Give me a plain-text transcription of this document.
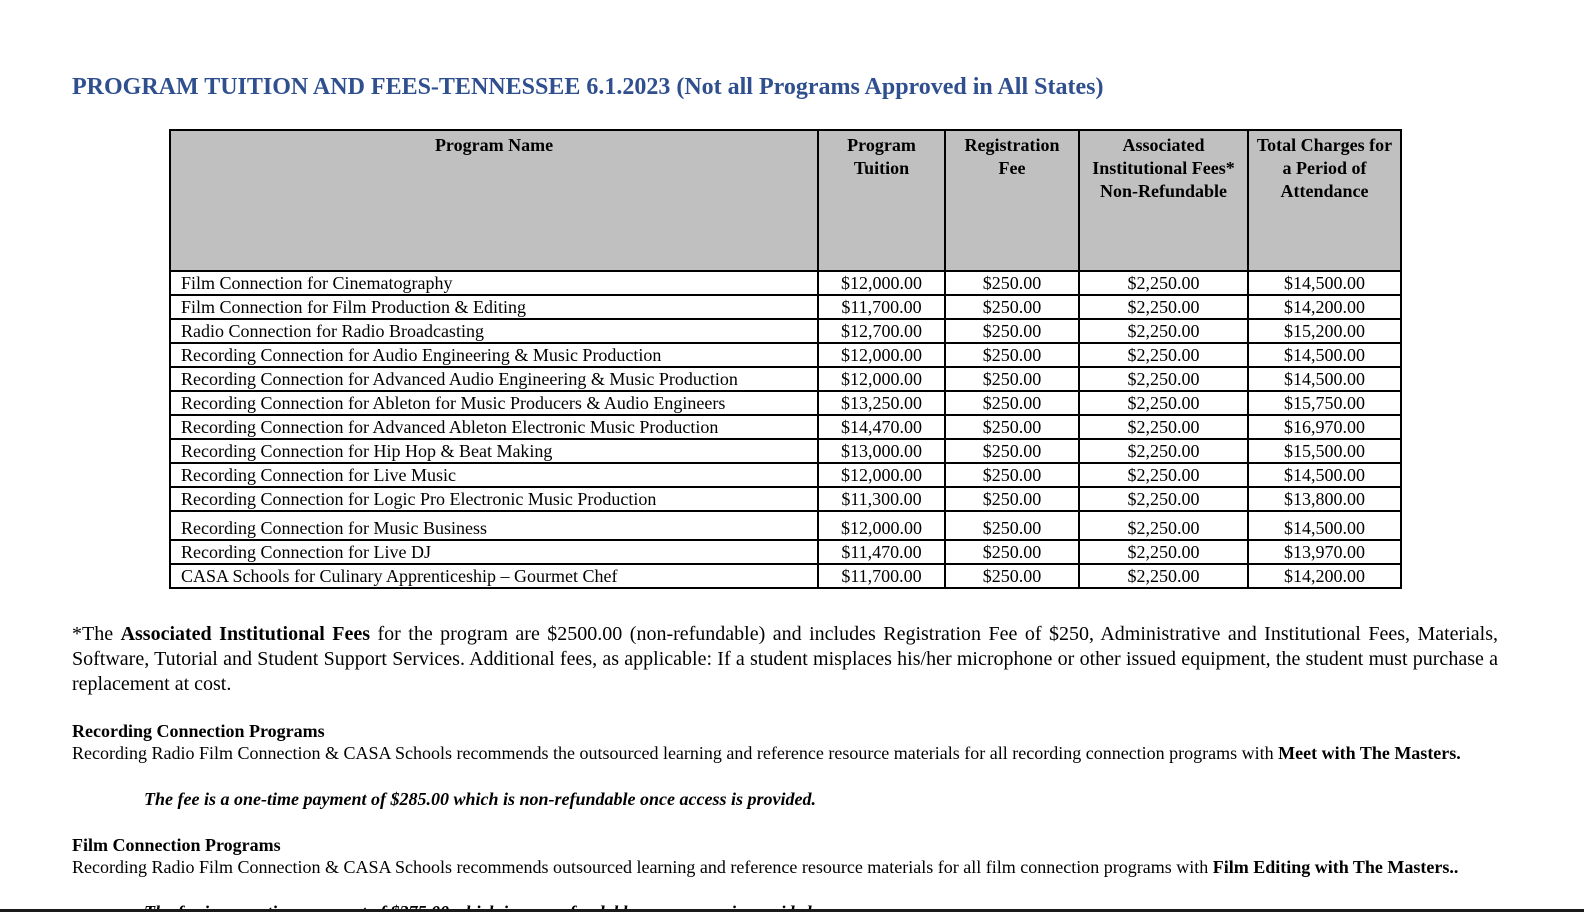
PROGRAM TUITION AND FEES-TENNESSEE 6.1.2023 (Not all Programs Approved in All States)
Program Name	Program Tuition	Registration Fee	Associated Institutional Fees* Non-Refundable	Total Charges for a Period of Attendance
Film Connection for Cinematography	$12,000.00	$250.00	$2,250.00	$14,500.00
Film Connection for Film Production & Editing	$11,700.00	$250.00	$2,250.00	$14,200.00
Radio Connection for Radio Broadcasting	$12,700.00	$250.00	$2,250.00	$15,200.00
Recording Connection for Audio Engineering & Music Production	$12,000.00	$250.00	$2,250.00	$14,500.00
Recording Connection for Advanced Audio Engineering & Music Production	$12,000.00	$250.00	$2,250.00	$14,500.00
Recording Connection for Ableton for Music Producers & Audio Engineers	$13,250.00	$250.00	$2,250.00	$15,750.00
Recording Connection for Advanced Ableton Electronic Music Production	$14,470.00	$250.00	$2,250.00	$16,970.00
Recording Connection for Hip Hop & Beat Making	$13,000.00	$250.00	$2,250.00	$15,500.00
Recording Connection for Live Music	$12,000.00	$250.00	$2,250.00	$14,500.00
Recording Connection for Logic Pro Electronic Music Production	$11,300.00	$250.00	$2,250.00	$13,800.00
Recording Connection for Music Business	$12,000.00	$250.00	$2,250.00	$14,500.00
Recording Connection for Live DJ	$11,470.00	$250.00	$2,250.00	$13,970.00
CASA Schools for Culinary Apprenticeship – Gourmet Chef	$11,700.00	$250.00	$2,250.00	$14,200.00

*The Associated Institutional Fees for the program are $2500.00 (non-refundable) and includes Registration Fee of $250, Administrative and Institutional Fees, Materials, Software, Tutorial and Student Support Services. Additional fees, as applicable: If a student misplaces his/her microphone or other issued equipment, the student must purchase a replacement at cost.

Recording Connection Programs

Recording Radio Film Connection & CASA Schools recommends the outsourced learning and reference resource materials for all recording connection programs with Meet with The Masters.

The fee is a one-time payment of $285.00 which is non-refundable once access is provided.

Film Connection Programs

Recording Radio Film Connection & CASA Schools recommends outsourced learning and reference resource materials for all film connection programs with Film Editing with The Masters..
